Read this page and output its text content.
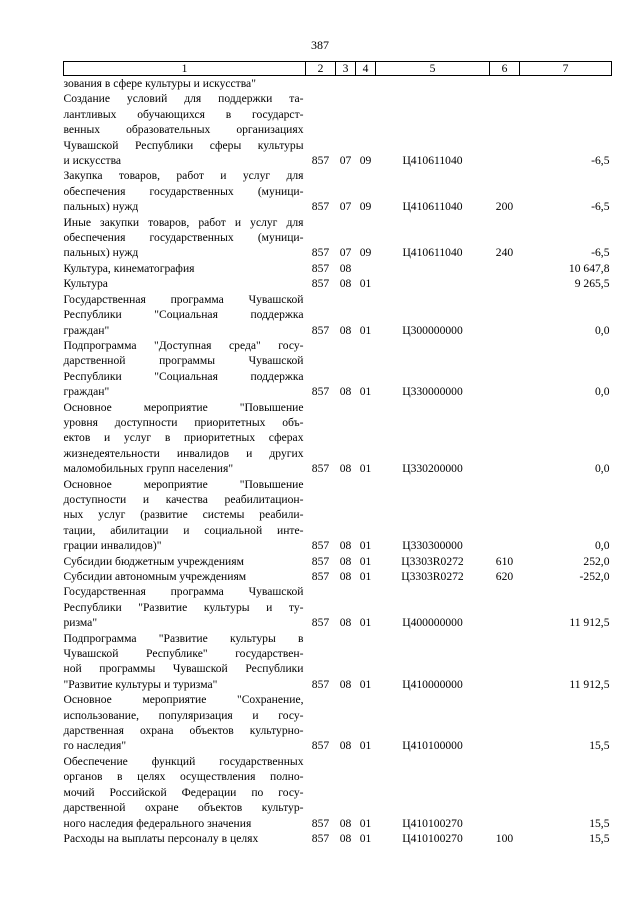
387
1	2	3	4	5	6	7

зования в сфере культуры и искусства"						

Создание условий для поддержки та-
лантливых обучающихся в государст-
венных образовательных организациях
Чувашской Республики сферы культуры
и искусства	857	07	09	Ц410611040		-6,5

Закупка товаров, работ и услуг для
обеспечения государственных (муници-
пальных) нужд	857	07	09	Ц410611040	200	-6,5

Иные закупки товаров, работ и услуг для
обеспечения государственных (муници-
пальных) нужд	857	07	09	Ц410611040	240	-6,5

Культура, кинематография	857	08				10 647,8

Культура	857	08	01			9 265,5

Государственная программа Чувашской
Республики "Социальная поддержка
граждан"	857	08	01	Ц300000000		0,0

Подпрограмма "Доступная среда" госу-
дарственной программы Чувашской
Республики "Социальная поддержка
граждан"	857	08	01	Ц330000000		0,0

Основное мероприятие "Повышение
уровня доступности приоритетных объ-
ектов и услуг в приоритетных сферах
жизнедеятельности инвалидов и других
маломобильных групп населения"	857	08	01	Ц330200000		0,0

Основное мероприятие "Повышение
доступности и качества реабилитацион-
ных услуг (развитие системы реабили-
тации, абилитации и социальной инте-
грации инвалидов)"	857	08	01	Ц330300000		0,0

Субсидии бюджетным учреждениям	857	08	01	Ц3303R0272	610	252,0

Субсидии автономным учреждениям	857	08	01	Ц3303R0272	620	-252,0

Государственная программа Чувашской
Республики "Развитие культуры и ту-
ризма"	857	08	01	Ц400000000		11 912,5

Подпрограмма "Развитие культуры в
Чувашской Республике" государствен-
ной программы Чувашской Республики
"Развитие культуры и туризма"	857	08	01	Ц410000000		11 912,5

Основное мероприятие "Сохранение,
использование, популяризация и госу-
дарственная охрана объектов культурно-
го наследия"	857	08	01	Ц410100000		15,5

Обеспечение функций государственных
органов в целях осуществления полно-
мочий Российской Федерации по госу-
дарственной охране объектов культур-
ного наследия федерального значения	857	08	01	Ц410100270		15,5

Расходы на выплаты персоналу в целях	857	08	01	Ц410100270	100	15,5
